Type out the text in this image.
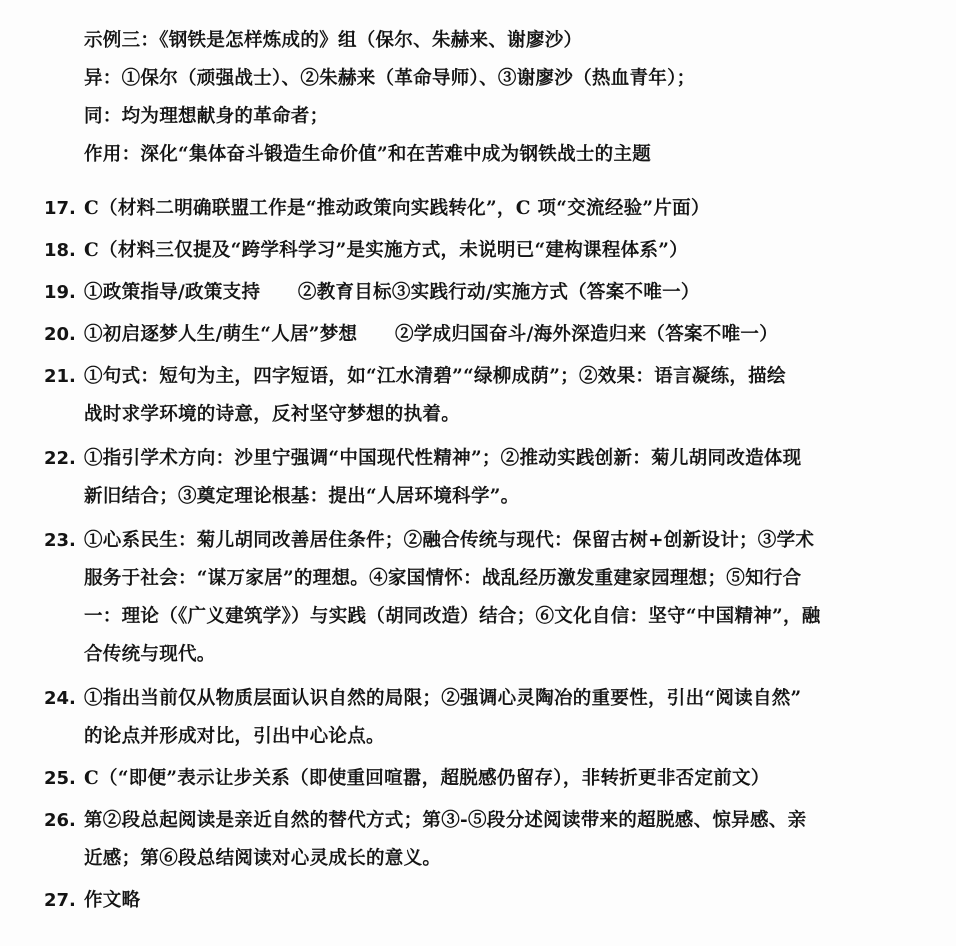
示例三：《钢铁是怎样炼成的》组（保尔、朱赫来、谢廖沙）
异：①保尔（顽强战士）、②朱赫来（革命导师）、③谢廖沙（热血青年）；
同：均为理想献身的革命者；
作用：深化“集体奋斗锻造生命价值”和在苦难中成为钢铁战士的主题
17. C（材料二明确联盟工作是“推动政策向实践转化”，C 项“交流经验”片面）
18. C（材料三仅提及“跨学科学习”是实施方式，未说明已“建构课程体系”）
19. ①政策指导/政策支持　　②教育目标③实践行动/实施方式（答案不唯一）
20. ①初启逐梦人生/萌生“人居”梦想　　②学成归国奋斗/海外深造归来（答案不唯一）
21. ①句式：短句为主，四字短语，如“江水清碧”“绿柳成荫”；②效果：语言凝练，描绘
战时求学环境的诗意，反衬坚守梦想的执着。
22. ①指引学术方向：沙里宁强调“中国现代性精神”；②推动实践创新：菊儿胡同改造体现
新旧结合；③奠定理论根基：提出“人居环境科学”。
23. ①心系民生：菊儿胡同改善居住条件；②融合传统与现代：保留古树+创新设计；③学术
服务于社会：“谋万家居”的理想。④家国情怀：战乱经历激发重建家园理想；⑤知行合
一：理论（《广义建筑学》）与实践（胡同改造）结合；⑥文化自信：坚守“中国精神”，融
合传统与现代。
24. ①指出当前仅从物质层面认识自然的局限；②强调心灵陶冶的重要性，引出“阅读自然”
的论点并形成对比，引出中心论点。
25. C（“即便”表示让步关系（即使重回喧嚣，超脱感仍留存），非转折更非否定前文）
26. 第②段总起阅读是亲近自然的替代方式；第③-⑤段分述阅读带来的超脱感、惊异感、亲
近感；第⑥段总结阅读对心灵成长的意义。
27. 作文略
